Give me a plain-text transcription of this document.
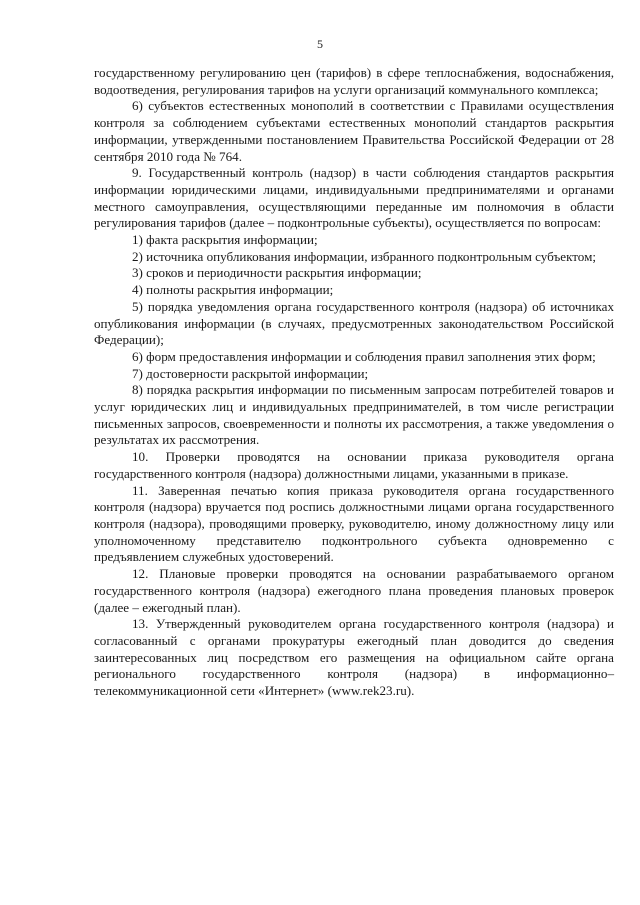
5

государственному регулированию цен (тарифов) в сфере теплоснабжения, водоснабжения, водоотведения, регулирования тарифов на услуги организаций коммунального комплекса;

6) субъектов естественных монополий в соответствии с Правилами осуществления контроля за соблюдением субъектами естественных монополий стандартов раскрытия информации, утвержденными постановлением Правительства Российской Федерации от 28 сентября 2010 года № 764.

9. Государственный контроль (надзор) в части соблюдения стандартов раскрытия информации юридическими лицами, индивидуальными предпринимателями и органами местного самоуправления, осуществляющими переданные им полномочия в области регулирования тарифов (далее – подконтрольные субъекты), осуществляется по вопросам:

1) факта раскрытия информации;

2) источника опубликования информации, избранного подконтрольным субъектом;

3) сроков и периодичности раскрытия информации;

4) полноты раскрытия информации;

5) порядка уведомления органа государственного контроля (надзора) об источниках опубликования информации (в случаях, предусмотренных законодательством Российской Федерации);

6) форм предоставления информации и соблюдения правил заполнения этих форм;

7) достоверности раскрытой информации;

8) порядка раскрытия информации по письменным запросам потребителей товаров и услуг юридических лиц и индивидуальных предпринимателей, в том числе регистрации письменных запросов, своевременности и полноты их рассмотрения, а также уведомления о результатах их рассмотрения.

10. Проверки проводятся на основании приказа руководителя органа государственного контроля (надзора) должностными лицами, указанными в приказе.

11. Заверенная печатью копия приказа руководителя органа государственного контроля (надзора) вручается под роспись должностными лицами органа государственного контроля (надзора), проводящими проверку, руководителю, иному должностному лицу или уполномоченному представителю подконтрольного субъекта одновременно с предъявлением служебных удостоверений.

12. Плановые проверки проводятся на основании разрабатываемого органом государственного контроля (надзора) ежегодного плана проведения плановых проверок (далее – ежегодный план).

13. Утвержденный руководителем органа государственного контроля (надзора) и согласованный с органами прокуратуры ежегодный план доводится до сведения заинтересованных лиц посредством его размещения на официальном сайте органа регионального государственного контроля (надзора) в информационно–телекоммуникационной сети «Интернет» (www.rek23.ru).
